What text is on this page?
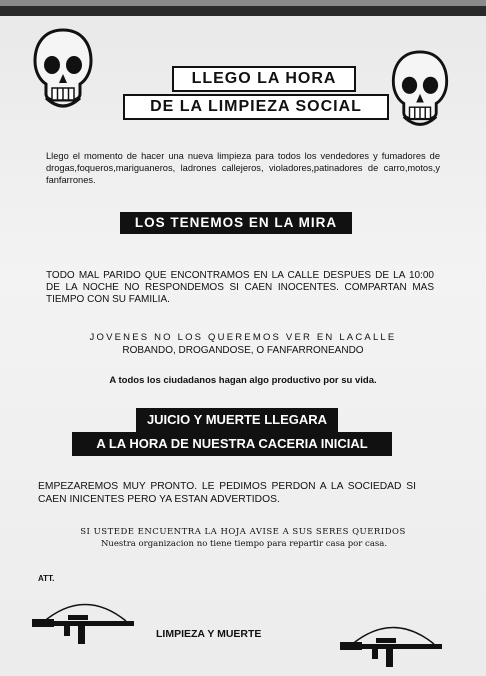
LLEGO LA HORA
DE LA LIMPIEZA SOCIAL
Llego el momento de hacer una nueva limpieza para todos los vendedores y fumadores de drogas,foqueros,mariguaneros, ladrones callejeros, violadores,patinadores de carro,motos,y fanfarrones.
LOS TENEMOS EN LA MIRA
TODO MAL PARIDO QUE ENCONTRAMOS EN LA CALLE DESPUES DE LA 10:00 DE LA NOCHE NO RESPONDEMOS SI CAEN INOCENTES. COMPARTAN MAS TIEMPO CON SU FAMILIA.
JOVENES NO LOS QUEREMOS VER EN LACALLE
ROBANDO, DROGANDOSE, O FANFARRONEANDO
A todos los ciudadanos hagan algo productivo por su vida.
JUICIO Y MUERTE LLEGARA
A LA HORA DE NUESTRA CACERIA INICIAL
EMPEZAREMOS MUY PRONTO. LE PEDIMOS PERDON A LA SOCIEDAD SI CAEN INICENTES PERO YA ESTAN ADVERTIDOS.
SI USTEDE ENCUENTRA LA HOJA AVISE A SUS SERES QUERIDOS
Nuestra organizacion no tiene tiempo para repartir casa por casa.
ATT.
LIMPIEZA Y MUERTE
